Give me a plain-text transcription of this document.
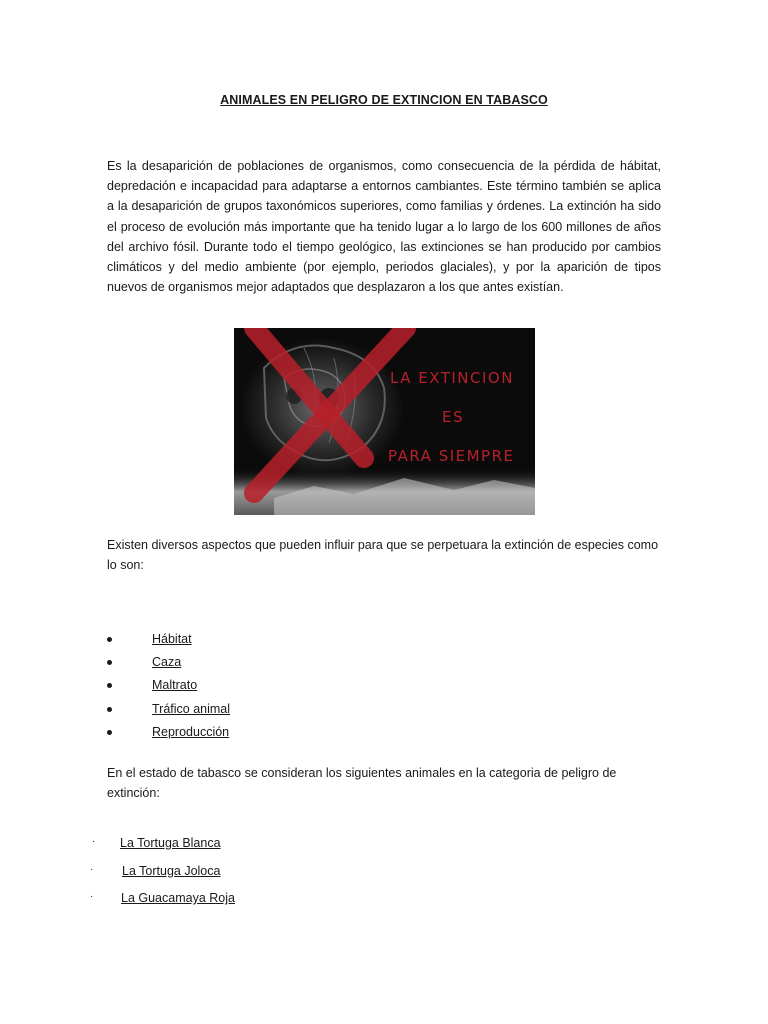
ANIMALES EN PELIGRO DE EXTINCION EN TABASCO
Es la desaparición de poblaciones de organismos, como consecuencia de la pérdida de hábitat, depredación e incapacidad para adaptarse a entornos cambiantes. Este término también se aplica a la desaparición de grupos taxonómicos superiores, como familias y órdenes. La extinción ha sido el proceso de evolución más importante que ha tenido lugar a lo largo de los 600 millones de años del archivo fósil. Durante todo el tiempo geológico, las extinciones se han producido por cambios climáticos y del medio ambiente (por ejemplo, periodos glaciales), y por la aparición de tipos nuevos de organismos mejor adaptados que desplazaron a los que antes existían.
LA EXTINCION
ES
PARA SIEMPRE
Existen diversos aspectos que pueden influir para que se perpetuara la extinción de especies como lo son:
Hábitat
Caza
Maltrato
Tráfico animal
Reproducción
En el estado de tabasco se consideran los siguientes animales en la categoria de peligro de extinción:
· La Tortuga Blanca
· La Tortuga Joloca
· La Guacamaya Roja
